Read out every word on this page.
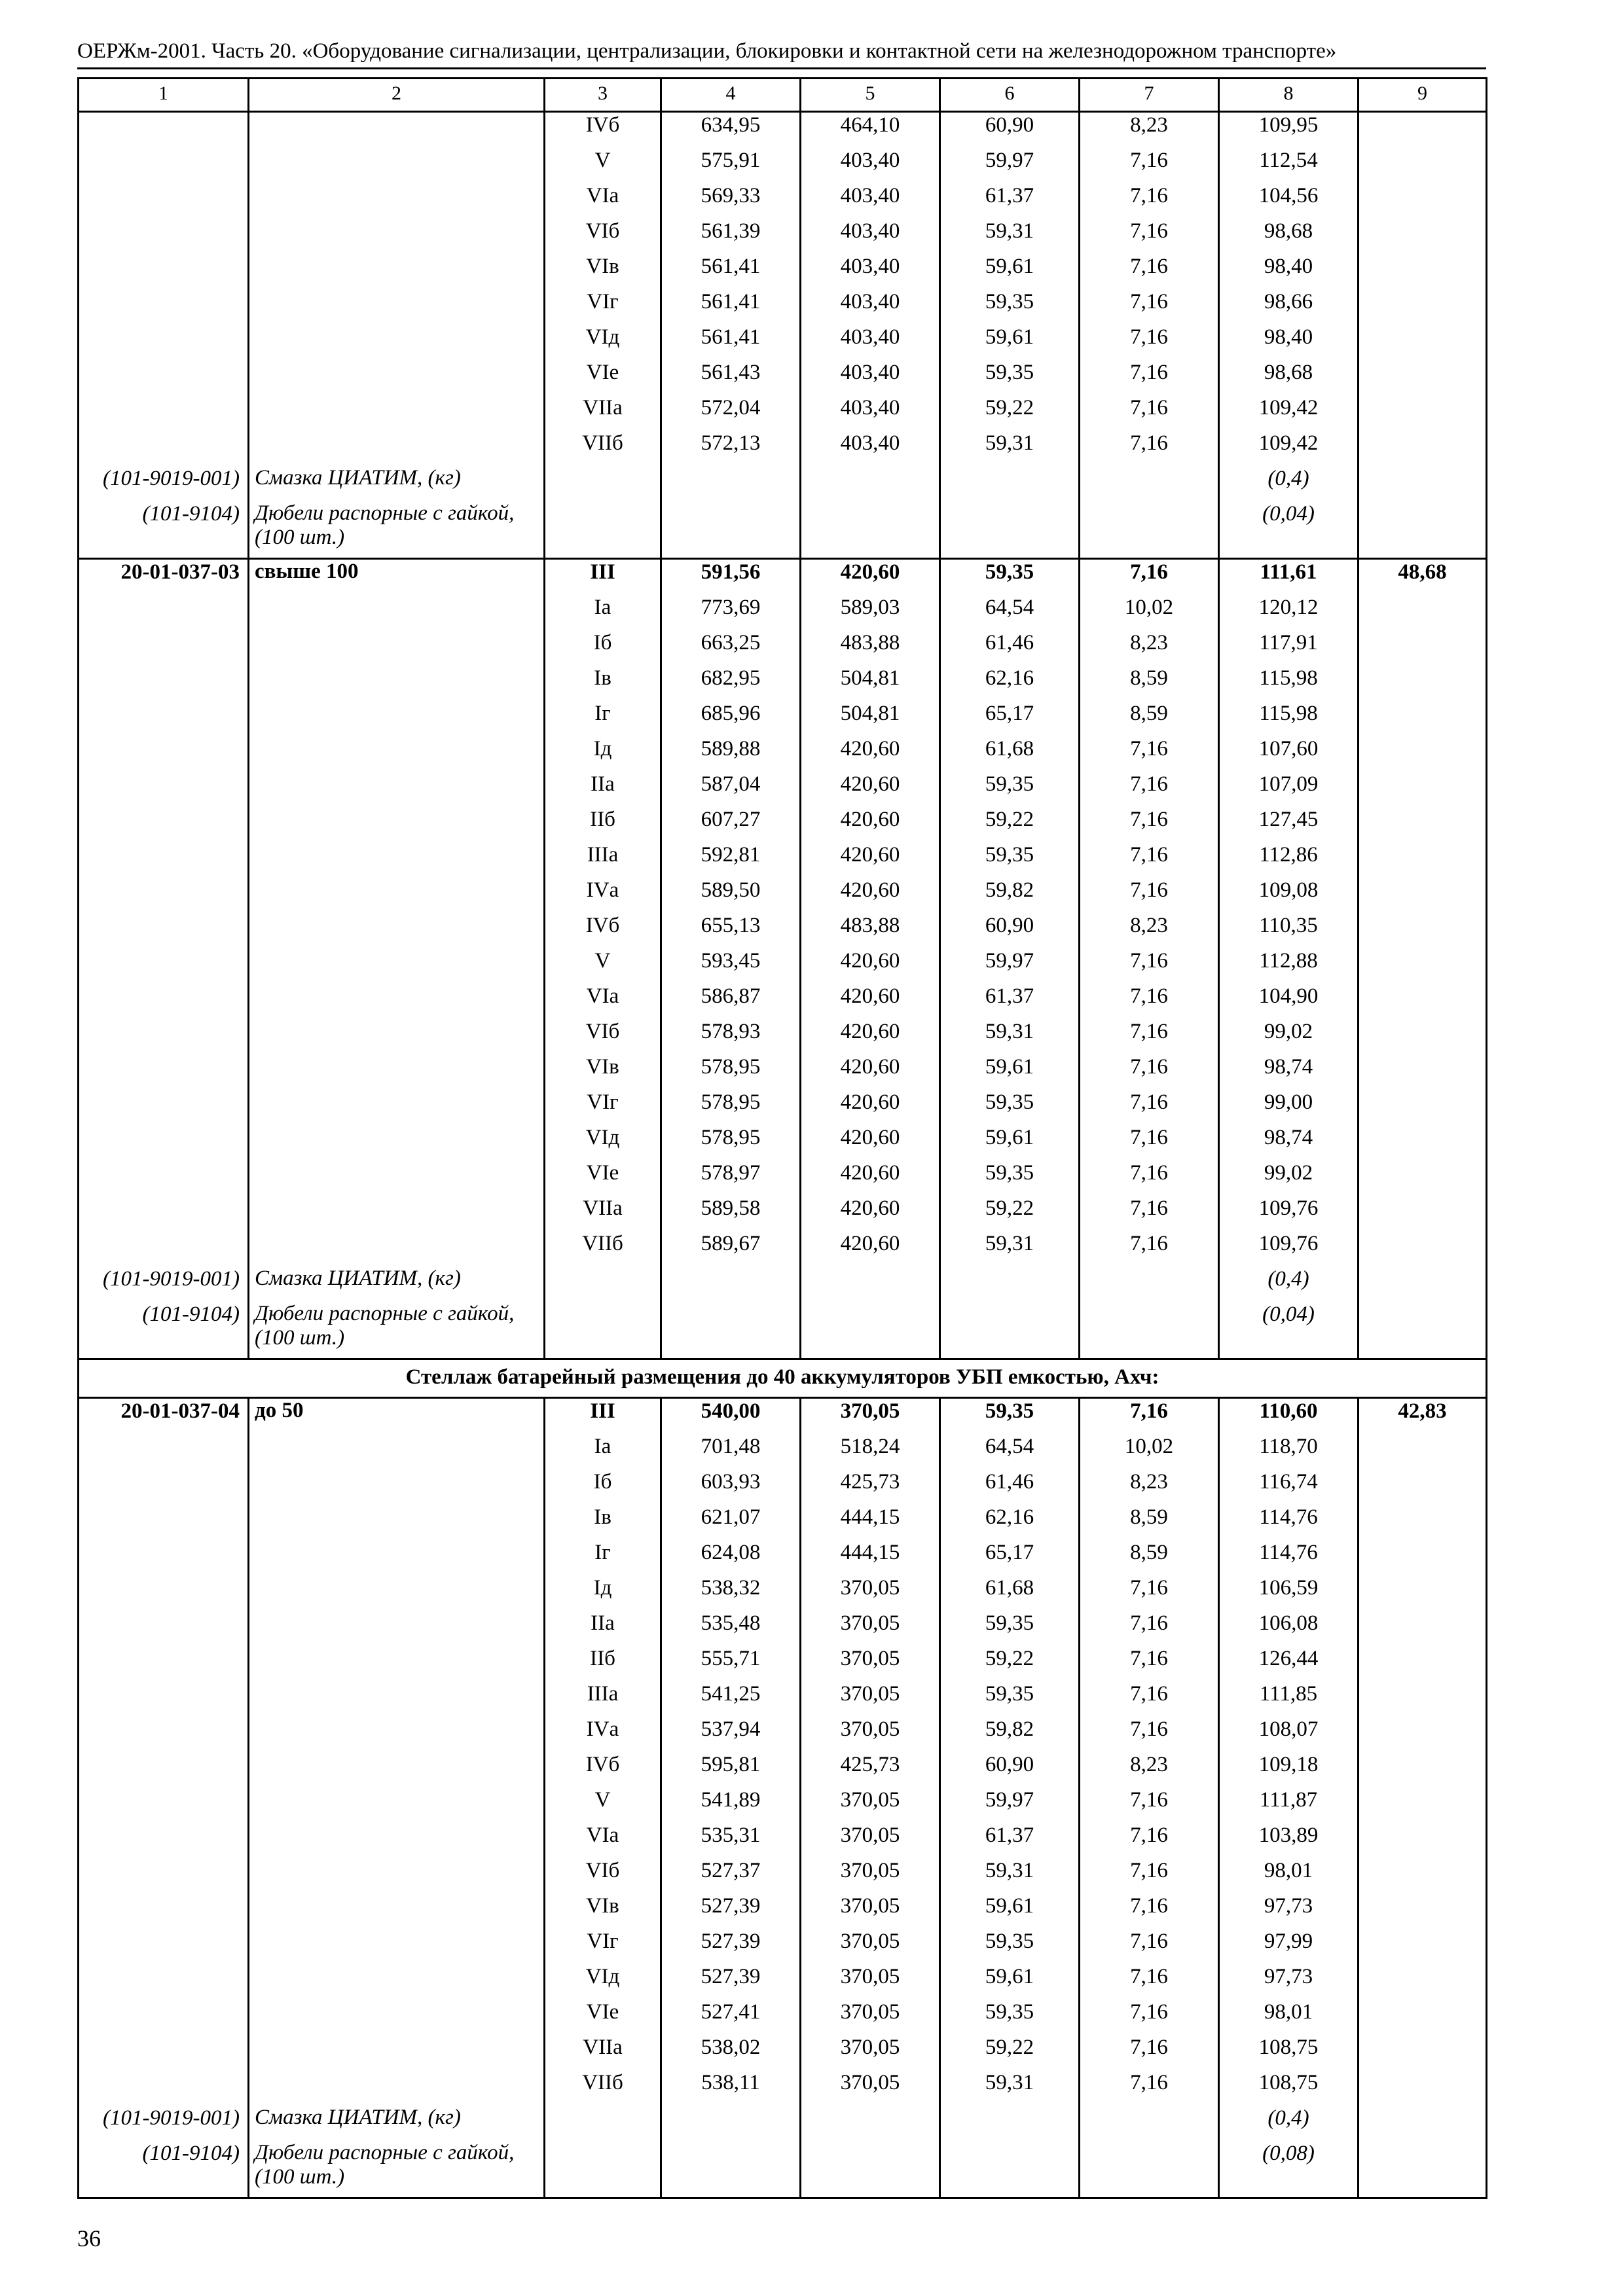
ОЕРЖм-2001. Часть 20. «Оборудование сигнализации, централизации, блокировки и контактной сети на железнодорожном транспорте»
1	2	3	4	5	6	7	8	9
		IVб	634,95	464,10	60,90	8,23	109,95	
		V	575,91	403,40	59,97	7,16	112,54	
		VIа	569,33	403,40	61,37	7,16	104,56	
		VIб	561,39	403,40	59,31	7,16	98,68	
		VIв	561,41	403,40	59,61	7,16	98,40	
		VIг	561,41	403,40	59,35	7,16	98,66	
		VIд	561,41	403,40	59,61	7,16	98,40	
		VIе	561,43	403,40	59,35	7,16	98,68	
		VIIа	572,04	403,40	59,22	7,16	109,42	
		VIIб	572,13	403,40	59,31	7,16	109,42	
(101-9019-001)	Смазка ЦИАТИМ, (кг)						(0,4)	
(101-9104)	Дюбели распорные с гайкой, (100 шт.)						(0,04)	
20-01-037-03	свыше 100	III	591,56	420,60	59,35	7,16	111,61	48,68
		Iа	773,69	589,03	64,54	10,02	120,12	
		Iб	663,25	483,88	61,46	8,23	117,91	
		Iв	682,95	504,81	62,16	8,59	115,98	
		Iг	685,96	504,81	65,17	8,59	115,98	
		Iд	589,88	420,60	61,68	7,16	107,60	
		IIа	587,04	420,60	59,35	7,16	107,09	
		IIб	607,27	420,60	59,22	7,16	127,45	
		IIIа	592,81	420,60	59,35	7,16	112,86	
		IVа	589,50	420,60	59,82	7,16	109,08	
		IVб	655,13	483,88	60,90	8,23	110,35	
		V	593,45	420,60	59,97	7,16	112,88	
		VIа	586,87	420,60	61,37	7,16	104,90	
		VIб	578,93	420,60	59,31	7,16	99,02	
		VIв	578,95	420,60	59,61	7,16	98,74	
		VIг	578,95	420,60	59,35	7,16	99,00	
		VIд	578,95	420,60	59,61	7,16	98,74	
		VIе	578,97	420,60	59,35	7,16	99,02	
		VIIа	589,58	420,60	59,22	7,16	109,76	
		VIIб	589,67	420,60	59,31	7,16	109,76	
(101-9019-001)	Смазка ЦИАТИМ, (кг)						(0,4)	
(101-9104)	Дюбели распорные с гайкой, (100 шт.)						(0,04)	
Стеллаж батарейный размещения до 40 аккумуляторов УБП емкостью, Ахч:								
20-01-037-04	до 50	III	540,00	370,05	59,35	7,16	110,60	42,83
		Iа	701,48	518,24	64,54	10,02	118,70	
		Iб	603,93	425,73	61,46	8,23	116,74	
		Iв	621,07	444,15	62,16	8,59	114,76	
		Iг	624,08	444,15	65,17	8,59	114,76	
		Iд	538,32	370,05	61,68	7,16	106,59	
		IIа	535,48	370,05	59,35	7,16	106,08	
		IIб	555,71	370,05	59,22	7,16	126,44	
		IIIа	541,25	370,05	59,35	7,16	111,85	
		IVа	537,94	370,05	59,82	7,16	108,07	
		IVб	595,81	425,73	60,90	8,23	109,18	
		V	541,89	370,05	59,97	7,16	111,87	
		VIа	535,31	370,05	61,37	7,16	103,89	
		VIб	527,37	370,05	59,31	7,16	98,01	
		VIв	527,39	370,05	59,61	7,16	97,73	
		VIг	527,39	370,05	59,35	7,16	97,99	
		VIд	527,39	370,05	59,61	7,16	97,73	
		VIе	527,41	370,05	59,35	7,16	98,01	
		VIIа	538,02	370,05	59,22	7,16	108,75	
		VIIб	538,11	370,05	59,31	7,16	108,75	
(101-9019-001)	Смазка ЦИАТИМ, (кг)						(0,4)	
(101-9104)	Дюбели распорные с гайкой, (100 шт.)						(0,08)	
36
